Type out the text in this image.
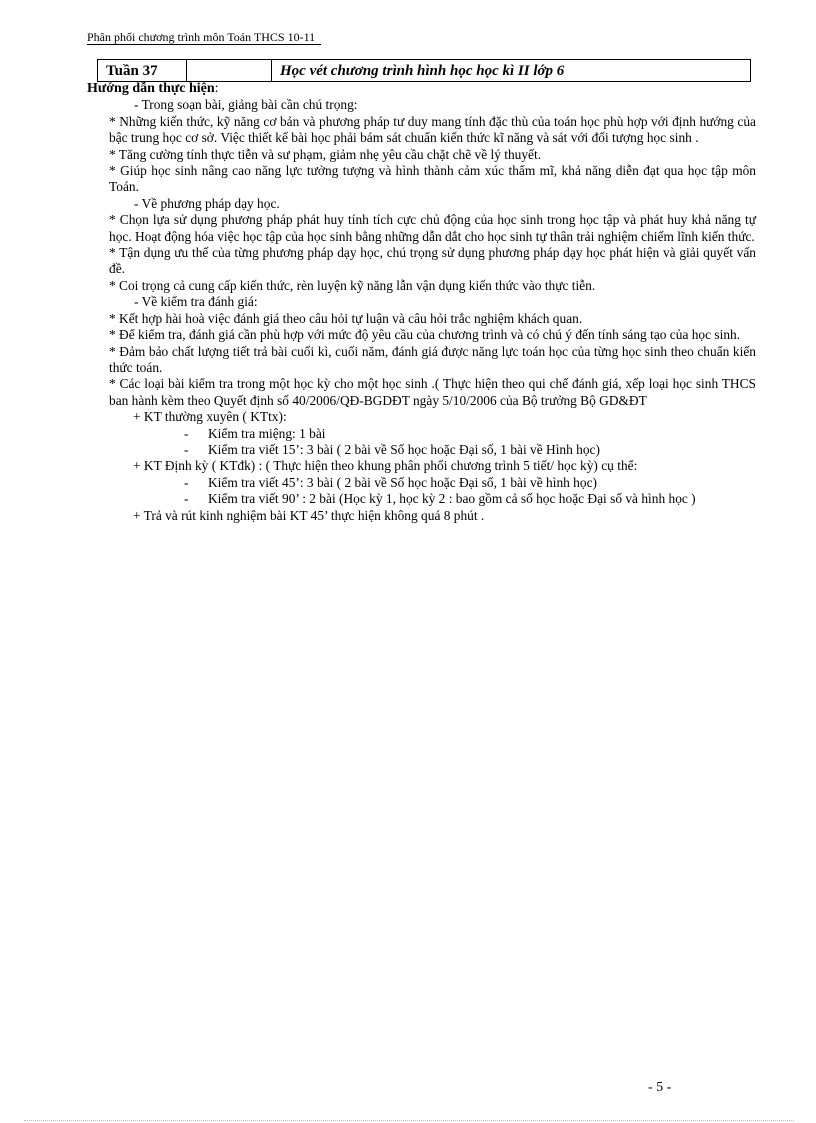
Phân phối chương trình môn Toán THCS 10-11
Tuần 37		Học vét chương trình hình học học kì II lớp 6
Hướng dẫn thực hiện:

- Trong soạn bài, giảng bài cần chú trọng:

* Những kiến thức, kỹ năng cơ bản và phương pháp tư duy mang tính đặc thù của toán học phù hợp với định hướng của bậc trung học cơ sở. Việc thiết kế bài học phải bám sát chuẩn kiến thức kĩ năng và sát với đối tượng học sinh .

* Tăng cường tính thực tiễn và sư phạm, giảm nhẹ yêu cầu chặt chẽ về lý thuyết.

* Giúp học sinh nâng cao năng lực tưởng tượng và hình thành cảm xúc thẩm mĩ, khả năng diễn đạt qua học tập môn Toán.

- Về phương pháp dạy học.

* Chọn lựa sử dụng phương pháp phát huy tính tích cực chủ động của học sinh trong học tập và phát huy khả năng tự học. Hoạt động hóa việc học tập của học sinh bằng những dẫn dắt cho học sinh tự thân trải nghiệm chiếm lĩnh kiến thức.

* Tận dụng ưu thế của từng phương pháp dạy học, chú trọng sử dụng phương pháp dạy học phát hiện và giải quyết vấn đề.

* Coi trọng cả cung cấp kiến thức, rèn luyện kỹ năng lẫn vận dụng kiến thức vào thực tiễn.

- Về kiểm tra đánh giá:

* Kết hợp hài hoà việc đánh giá theo câu hỏi tự luận và câu hỏi trắc nghiệm khách quan.

* Để kiểm tra, đánh giá cần phù hợp với mức độ yêu cầu của chương trình và có chú ý đến tính sáng tạo của học sinh.

* Đảm bảo chất lượng tiết trả bài cuối kì, cuối năm, đánh giá được năng lực toán học của từng học sinh theo chuẩn kiến thức toán.

* Các loại bài kiểm tra trong một học kỳ cho một học sinh .( Thực hiện theo qui chế đánh giá, xếp loại học sinh THCS ban hành kèm theo Quyết định số 40/2006/QĐ-BGDĐT ngày 5/10/2006 của Bộ trưởng Bộ GD&ĐT

+ KT thường xuyên ( KTtx):

- Kiểm tra miệng: 1 bài

- Kiểm tra viết 15’: 3 bài ( 2 bài về Số học hoặc Đại số, 1 bài về Hình học)

+ KT Định kỳ ( KTđk) : ( Thực hiện theo khung phân phối chương trình 5 tiết/ học kỳ) cụ thể:

- Kiểm tra viết 45’: 3 bài ( 2 bài về Số học hoặc Đại số, 1 bài về hình học)

- Kiểm tra viết 90’ : 2 bài (Học kỳ 1, học kỳ 2 : bao gồm cả số học hoặc Đại số và hình học )

+ Trả và rút kinh nghiệm bài KT 45’ thực hiện không quá 8 phút .

- 5 -
